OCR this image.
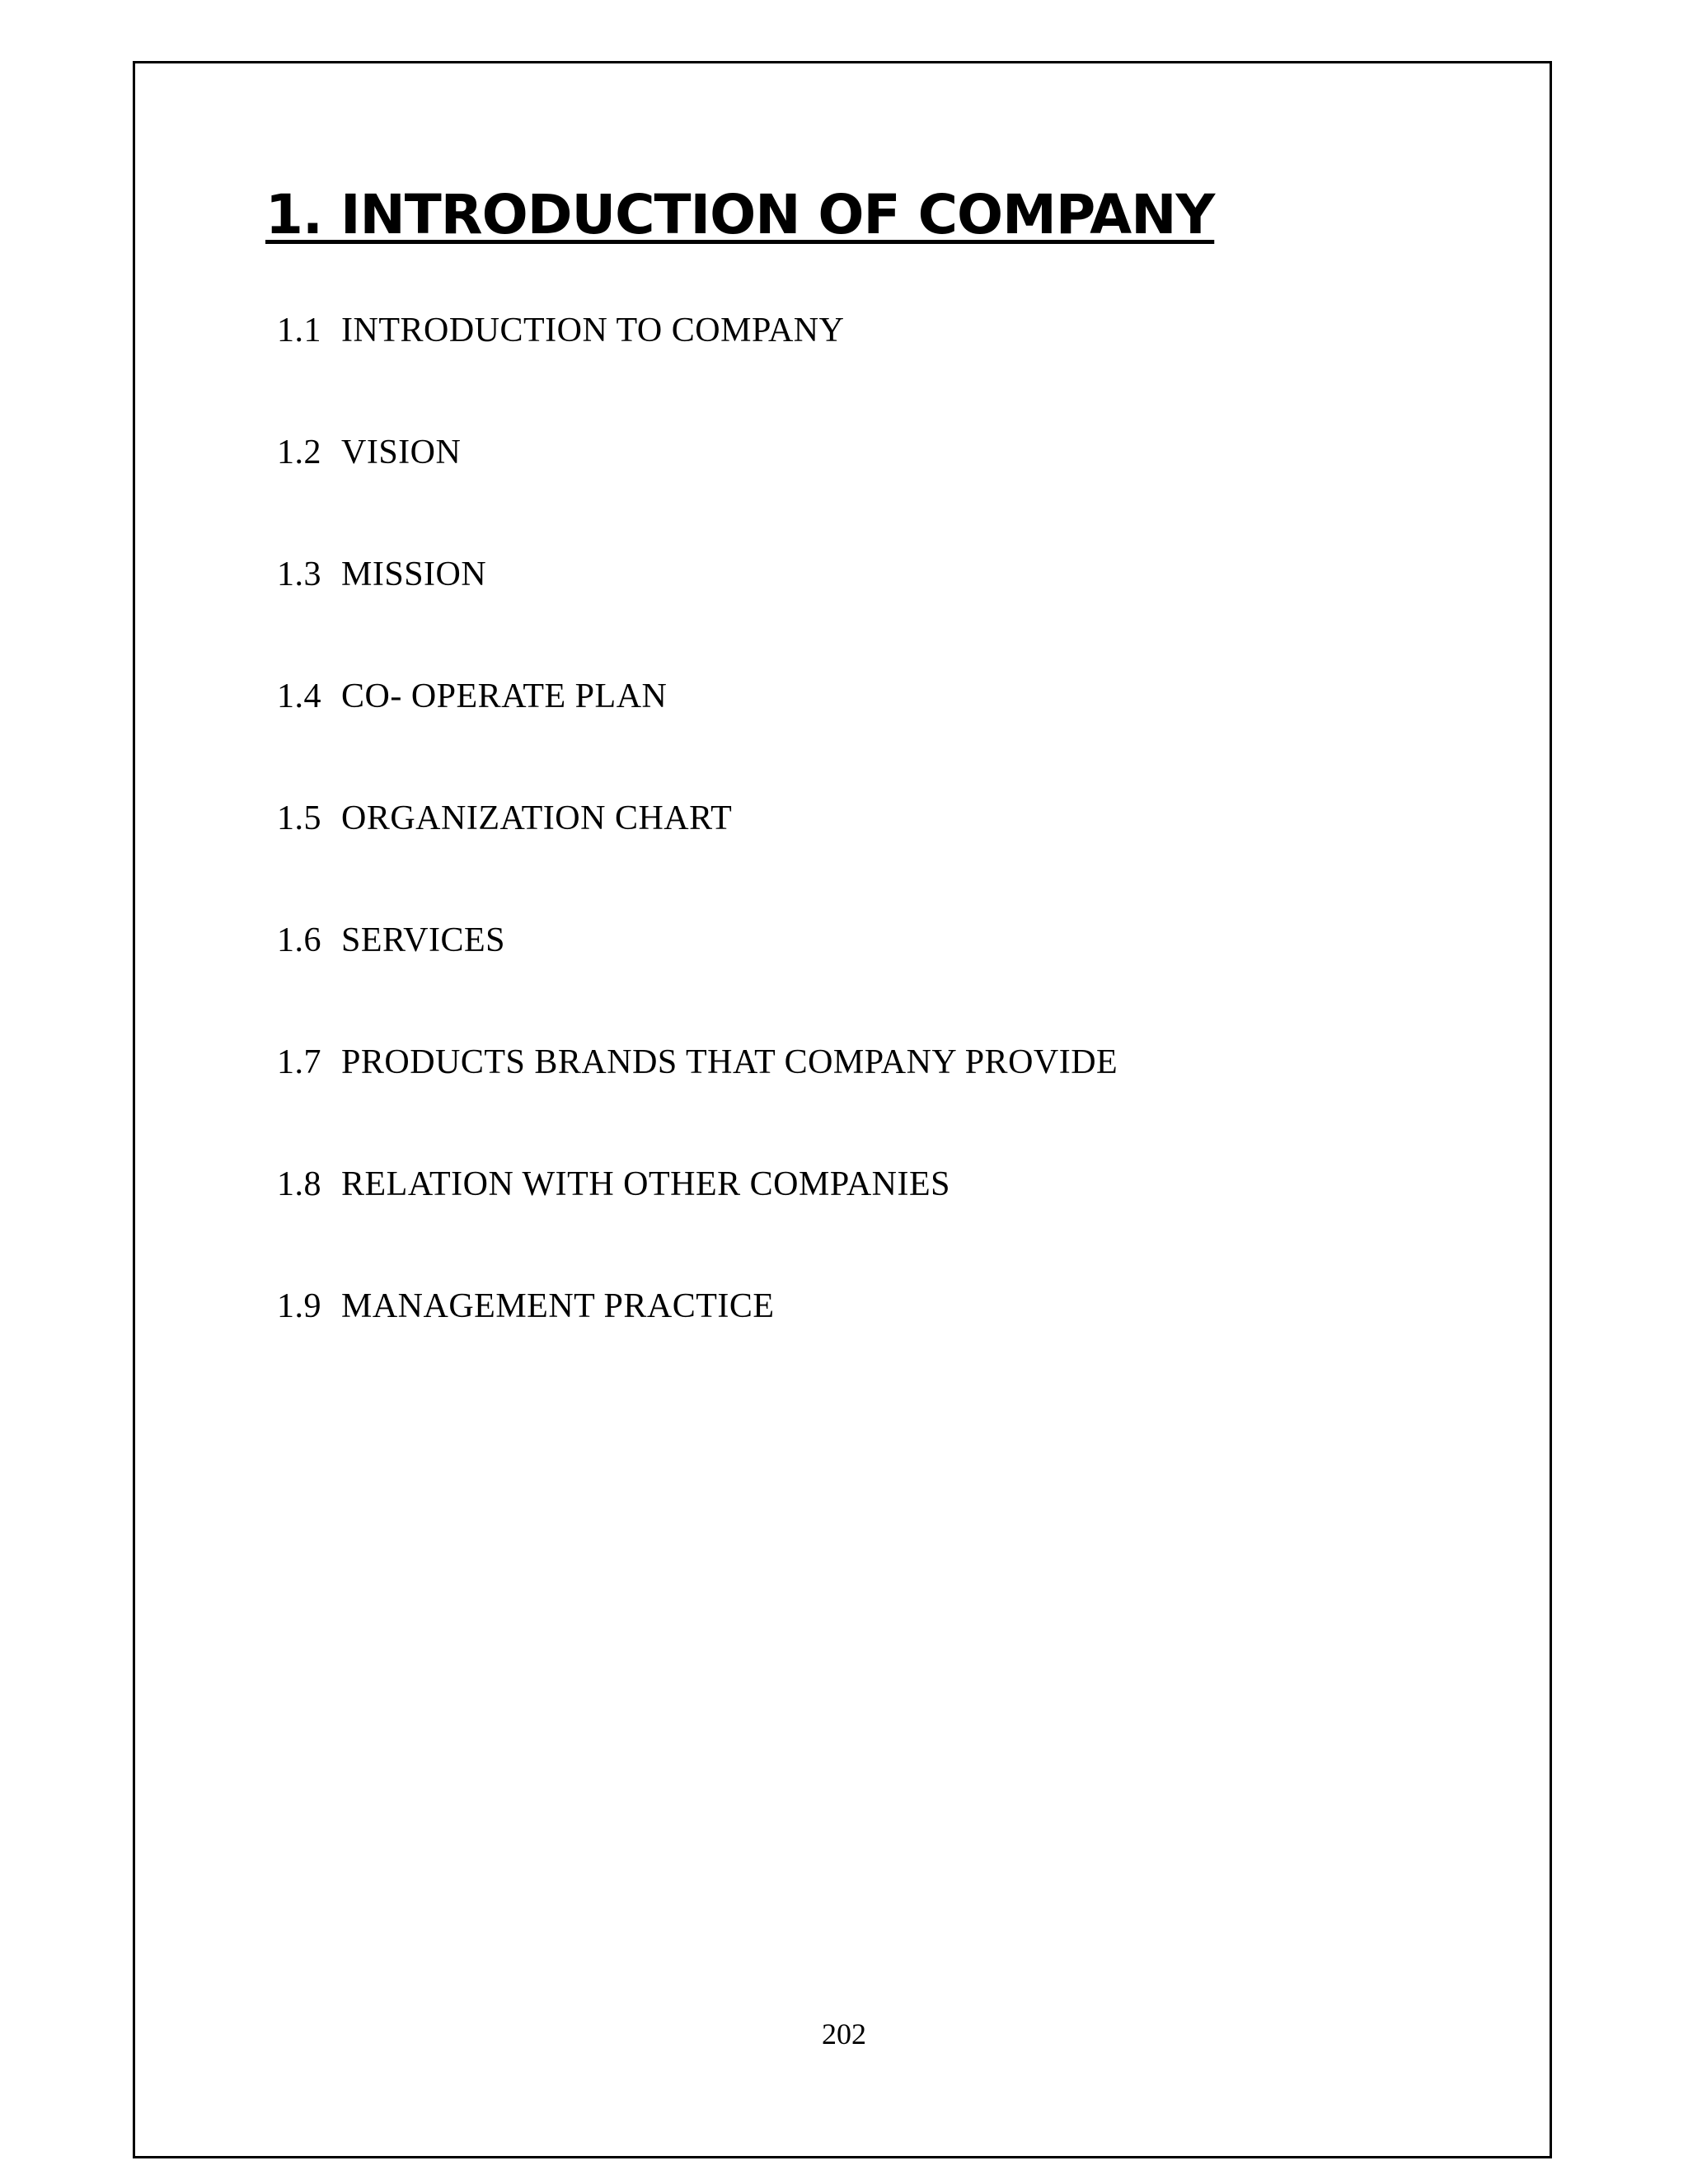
1. INTRODUCTION OF COMPANY
1.1 INTRODUCTION TO COMPANY
1.2 VISION
1.3 MISSION
1.4 CO- OPERATE PLAN
1.5 ORGANIZATION CHART
1.6 SERVICES
1.7 PRODUCTS BRANDS THAT COMPANY PROVIDE
1.8 RELATION WITH OTHER COMPANIES
1.9 MANAGEMENT PRACTICE
202
